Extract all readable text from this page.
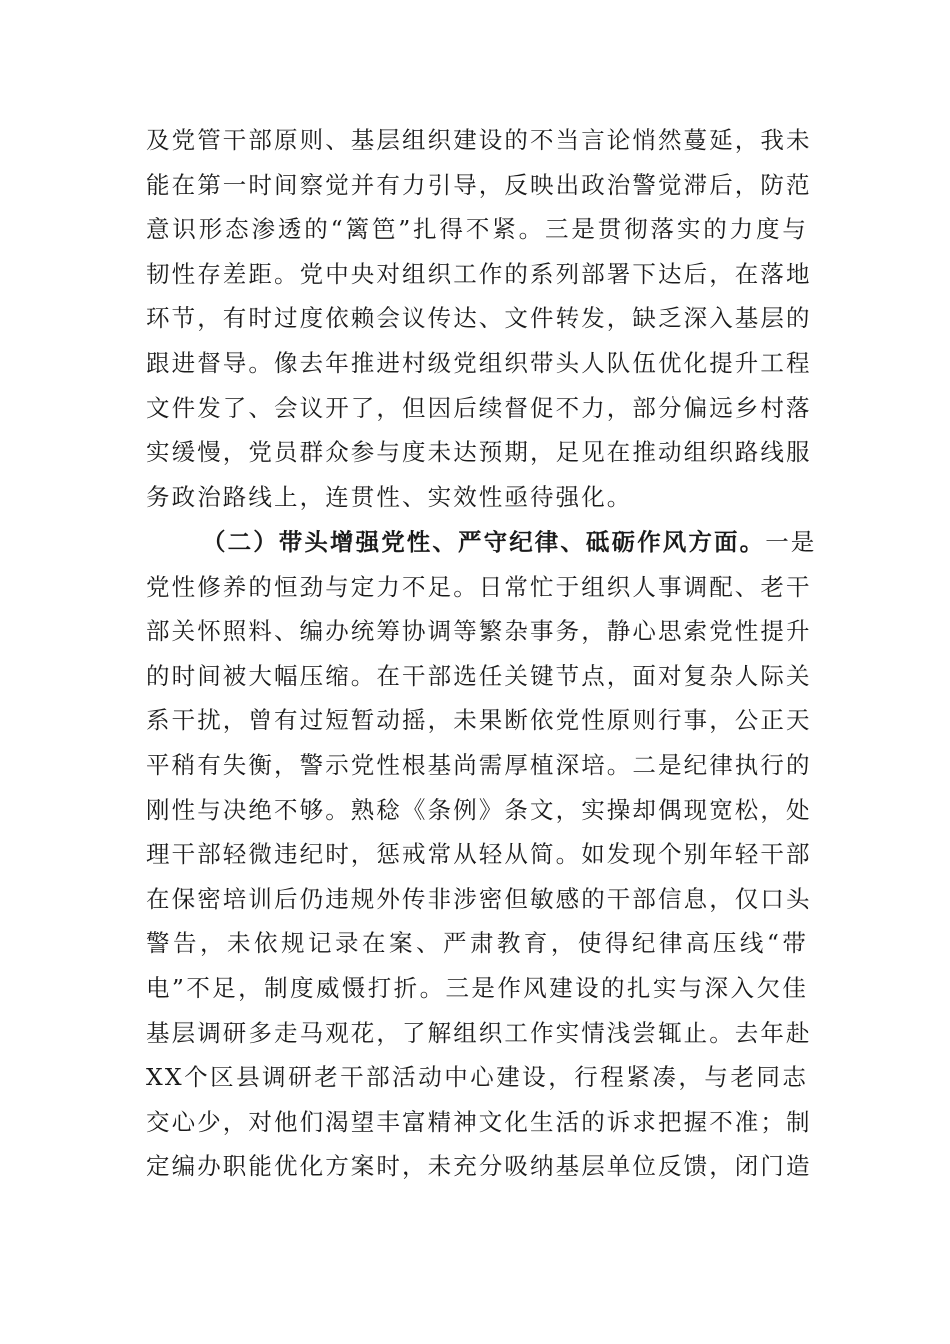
及党管干部原则、基层组织建设的不当言论悄然蔓延，我未
能在第一时间察觉并有力引导，反映出政治警觉滞后，防范
意识形态渗透的“篱笆”扎得不紧。三是贯彻落实的力度与
韧性存差距。党中央对组织工作的系列部署下达后，在落地
环节，有时过度依赖会议传达、文件转发，缺乏深入基层的
跟进督导。像去年推进村级党组织带头人队伍优化提升工程
文件发了、会议开了，但因后续督促不力，部分偏远乡村落
实缓慢，党员群众参与度未达预期，足见在推动组织路线服
务政治路线上，连贯性、实效性亟待强化。
（二）带头增强党性、严守纪律、砥砺作风方面。一是
党性修养的恒劲与定力不足。日常忙于组织人事调配、老干
部关怀照料、编办统筹协调等繁杂事务，静心思索党性提升
的时间被大幅压缩。在干部选任关键节点，面对复杂人际关
系干扰，曾有过短暂动摇，未果断依党性原则行事，公正天
平稍有失衡，警示党性根基尚需厚植深培。二是纪律执行的
刚性与决绝不够。熟稔《条例》条文，实操却偶现宽松，处
理干部轻微违纪时，惩戒常从轻从简。如发现个别年轻干部
在保密培训后仍违规外传非涉密但敏感的干部信息，仅口头
警告，未依规记录在案、严肃教育，使得纪律高压线“带
电”不足，制度威慑打折。三是作风建设的扎实与深入欠佳
基层调研多走马观花，了解组织工作实情浅尝辄止。去年赴
XX个区县调研老干部活动中心建设，行程紧凑，与老同志
交心少，对他们渴望丰富精神文化生活的诉求把握不准；制
定编办职能优化方案时，未充分吸纳基层单位反馈，闭门造
